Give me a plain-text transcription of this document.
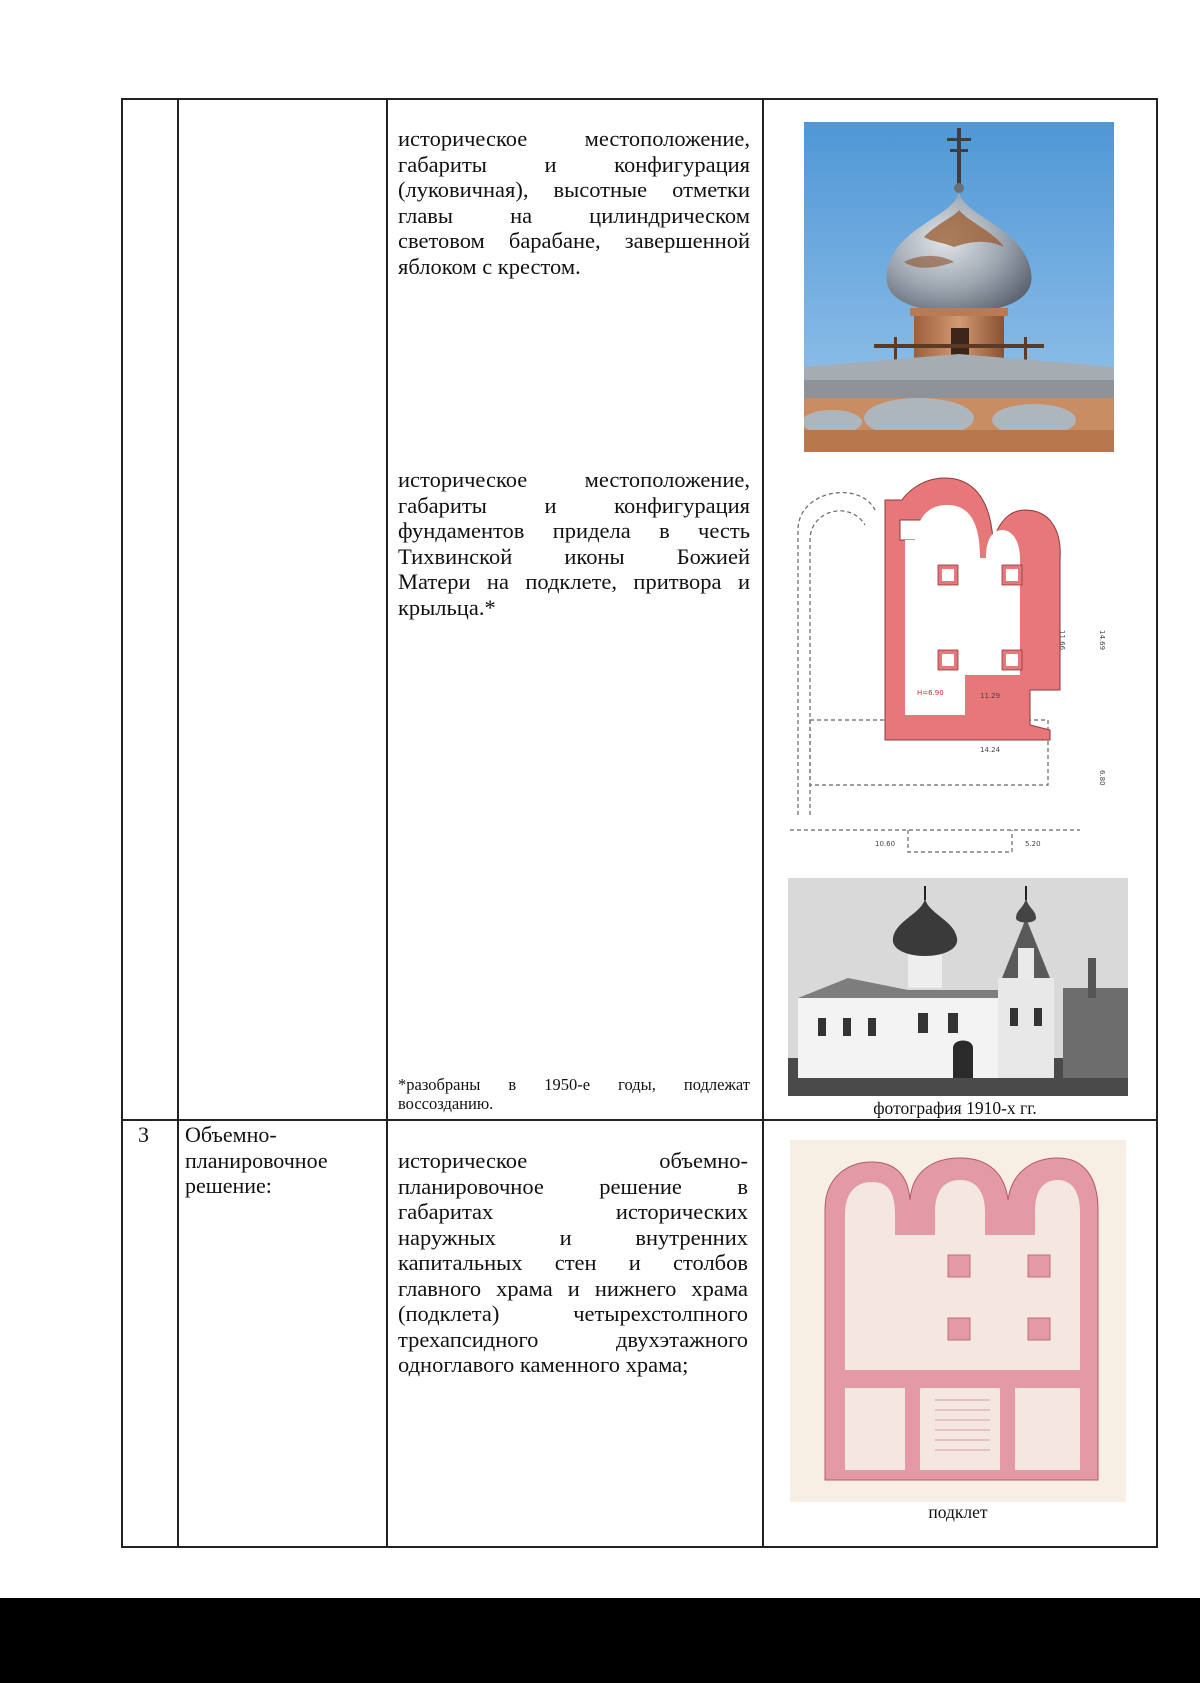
историческое местоположение,
габариты и конфигурация
(луковичная), высотные отметки
главы на цилиндрическом
световом барабане, завершенной
яблоком с крестом.
историческое местоположение,
габариты и конфигурация
фундаментов придела в честь
Тихвинской иконы Божией
Матери на подклете, притвора и
крыльца.*
*разобраны в 1950-е годы, подлежат
воссозданию.
10.60	5.20
11.29
14.24
11.66	14.69
6.80
H=6.90
фотография 1910-х гг.
3 Объемно-
планировочное
решение:
историческое объемно-
планировочное решение в
габаритах исторических
наружных и внутренних
капитальных стен и столбов
главного храма и нижнего храма
(подклета) четырехстолпного
трехапсидного двухэтажного
одноглавого каменного храма;
подклет
